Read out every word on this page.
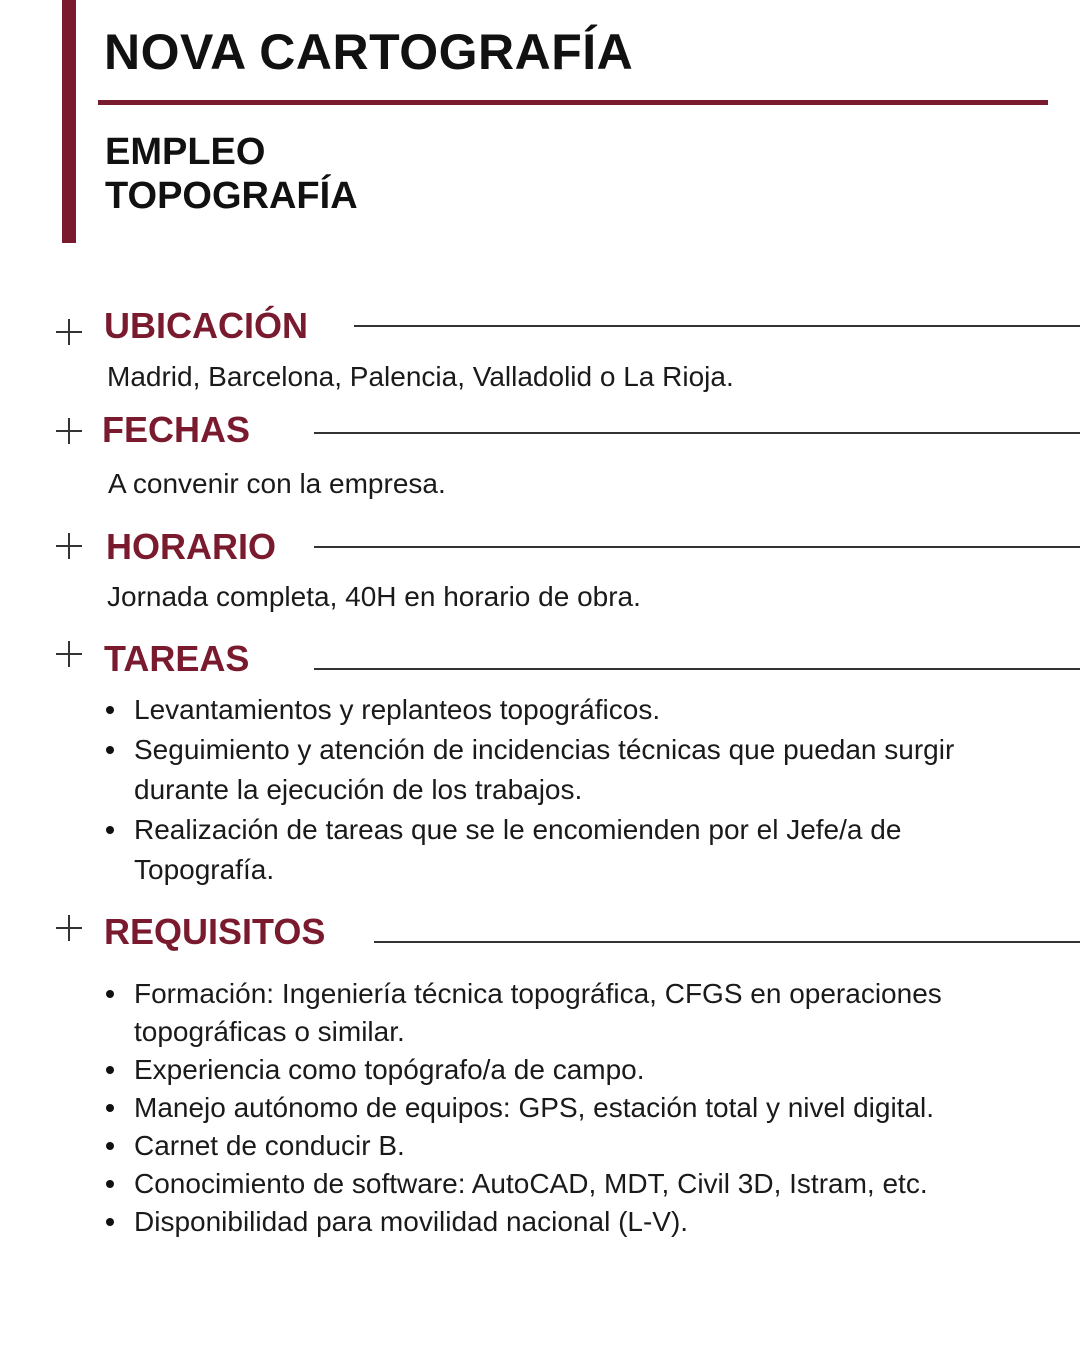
NOVA CARTOGRAFÍA
EMPLEO
TOPOGRAFÍA
UBICACIÓN
Madrid, Barcelona, Palencia, Valladolid o La Rioja.
FECHAS
A convenir con la empresa.
HORARIO
Jornada completa, 40H en horario de obra.
TAREAS
Levantamientos y replanteos topográficos.
Seguimiento y atención de incidencias técnicas que puedan surgir durante la ejecución de los trabajos.
Realización de tareas que se le encomienden por el Jefe/a de Topografía.
REQUISITOS
Formación: Ingeniería técnica topográfica, CFGS en operaciones topográficas o similar.
Experiencia como topógrafo/a de campo.
Manejo autónomo de equipos: GPS, estación total y nivel digital.
Carnet de conducir B.
Conocimiento de software: AutoCAD, MDT, Civil 3D, Istram, etc.
Disponibilidad para movilidad nacional (L-V).
